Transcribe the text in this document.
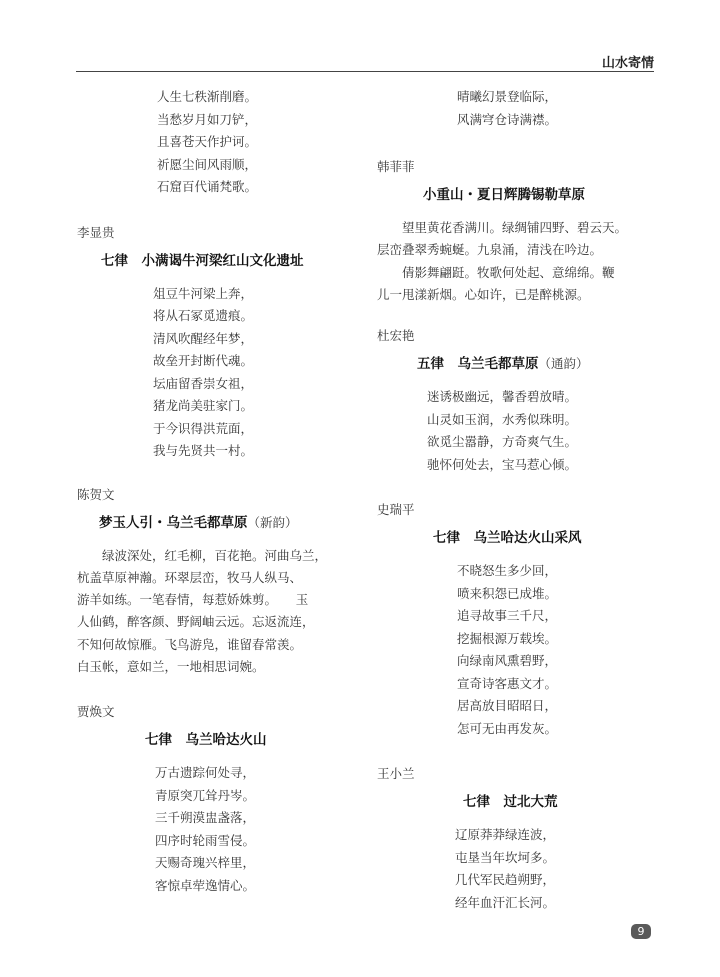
山水寄情
人生七秩渐削磨。
当愁岁月如刀铲，
且喜苍天作护诃。
祈愿尘间风雨顺，
石窟百代诵梵歌。
李显贵
七律　小满谒牛河梁红山文化遗址
俎豆牛河梁上奔，
将从石冢觅遗痕。
清风吹醒经年梦，
故垒开封断代魂。
坛庙留香崇女祖，
猪龙尚美驻家门。
于今识得洪荒面，
我与先贤共一村。
陈贺文
梦玉人引・乌兰毛都草原（新韵）

　　绿波深处，红毛柳，百花艳。河曲乌兰，

杭盖草原神瀚。环翠层峦，牧马人纵马、

游羊如练。一笔春情，每惹娇姝剪。　　玉

人仙鹤，醉客颜、野阔岫云远。忘返流连，

不知何故惊雁。飞鸟游凫，谁留春常羡。

白玉帐，意如兰，一地相思词婉。

贾焕文
七律　乌兰哈达火山
万古遗踪何处寻，
青原突兀耸丹岑。
三千朔漠盅盏落，
四序时轮雨雪侵。
天赐奇瑰兴梓里，
客惊卓荦逸情心。
晴曦幻景登临际，
风满穹仓诗满襟。
韩菲菲
小重山・夏日辉腾锡勒草原

　　望里黄花香满川。绿绸铺四野、碧云天。

层峦叠翠秀蜿蜒。九泉涌，清浅在吟边。

　　倩影舞翩跹。牧歌何处起、意绵绵。鞭

儿一甩漾新烟。心如许，已是醉桃源。

杜宏艳
五律　乌兰毛都草原（通韵）
迷诱极幽远，馨香碧放晴。
山灵如玉润，水秀似珠明。
欲觅尘嚣静，方奇爽气生。
驰怀何处去，宝马惹心倾。
史瑞平
七律　乌兰哈达火山采风
不晓怒生多少回，
喷来积怨已成堆。
追寻故事三千尺，
挖掘根源万载埃。
向绿南风熏碧野，
宣奇诗客惠文才。
居高放目昭昭日，
怎可无由再发灰。
王小兰
七律　过北大荒
辽原莽莽绿连波，
屯垦当年坎坷多。
几代军民趋朔野，
经年血汗汇长河。
9
